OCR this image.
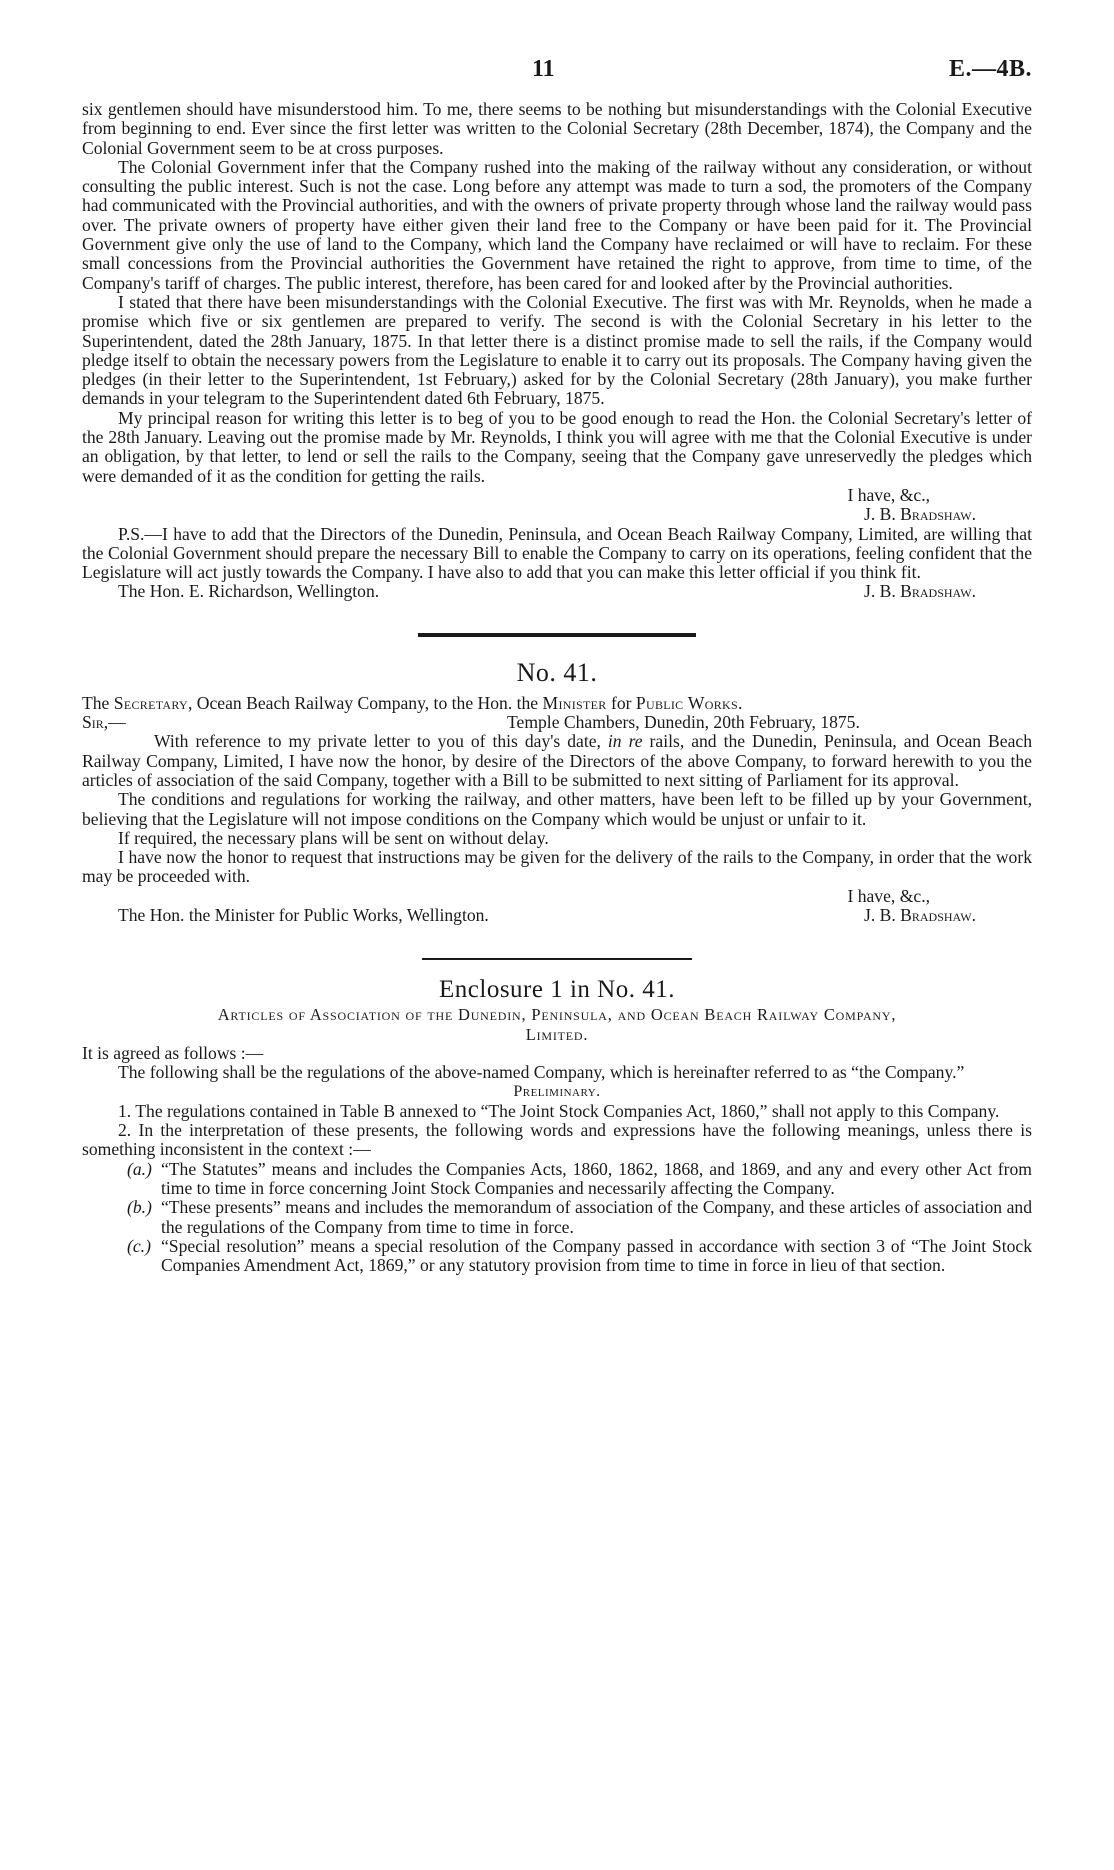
11	E.—4B.

six gentlemen should have misunderstood him. To me, there seems to be nothing but misunderstandings with the Colonial Executive from beginning to end. Ever since the first letter was written to the Colonial Secretary (28th December, 1874), the Company and the Colonial Government seem to be at cross purposes.

The Colonial Government infer that the Company rushed into the making of the railway without any consideration, or without consulting the public interest. Such is not the case. Long before any attempt was made to turn a sod, the promoters of the Company had communicated with the Provincial authorities, and with the owners of private property through whose land the railway would pass over. The private owners of property have either given their land free to the Company or have been paid for it. The Provincial Government give only the use of land to the Company, which land the Company have reclaimed or will have to reclaim. For these small concessions from the Provincial authorities the Government have retained the right to approve, from time to time, of the Company's tariff of charges. The public interest, therefore, has been cared for and looked after by the Provincial authorities.

I stated that there have been misunderstandings with the Colonial Executive. The first was with Mr. Reynolds, when he made a promise which five or six gentlemen are prepared to verify. The second is with the Colonial Secretary in his letter to the Superintendent, dated the 28th January, 1875. In that letter there is a distinct promise made to sell the rails, if the Company would pledge itself to obtain the necessary powers from the Legislature to enable it to carry out its proposals. The Company having given the pledges (in their letter to the Superintendent, 1st February,) asked for by the Colonial Secretary (28th January), you make further demands in your telegram to the Superintendent dated 6th February, 1875.

My principal reason for writing this letter is to beg of you to be good enough to read the Hon. the Colonial Secretary's letter of the 28th January. Leaving out the promise made by Mr. Reynolds, I think you will agree with me that the Colonial Executive is under an obligation, by that letter, to lend or sell the rails to the Company, seeing that the Company gave unreservedly the pledges which were demanded of it as the condition for getting the rails.

I have, &c.,

J. B. Bradshaw.

P.S.—I have to add that the Directors of the Dunedin, Peninsula, and Ocean Beach Railway Company, Limited, are willing that the Colonial Government should prepare the necessary Bill to enable the Company to carry on its operations, feeling confident that the Legislature will act justly towards the Company. I have also to add that you can make this letter official if you think fit.

The Hon. E. Richardson, Wellington.	J. B. Bradshaw.
No. 41.

The Secretary, Ocean Beach Railway Company, to the Hon. the Minister for Public Works.

Sir,—	Temple Chambers, Dunedin, 20th February, 1875.

With reference to my private letter to you of this day's date, in re rails, and the Dunedin, Peninsula, and Ocean Beach Railway Company, Limited, I have now the honor, by desire of the Directors of the above Company, to forward herewith to you the articles of association of the said Company, together with a Bill to be submitted to next sitting of Parliament for its approval.

The conditions and regulations for working the railway, and other matters, have been left to be filled up by your Government, believing that the Legislature will not impose conditions on the Company which would be unjust or unfair to it.

If required, the necessary plans will be sent on without delay.

I have now the honor to request that instructions may be given for the delivery of the rails to the Company, in order that the work may be proceeded with.

I have, &c.,

The Hon. the Minister for Public Works, Wellington.	J. B. Bradshaw.
Enclosure 1 in No. 41.
Articles of Association of the Dunedin, Peninsula, and Ocean Beach Railway Company,
Limited.

It is agreed as follows :—

The following shall be the regulations of the above-named Company, which is hereinafter referred to as “the Company.”

Preliminary.

1. The regulations contained in Table B annexed to “The Joint Stock Companies Act, 1860,” shall not apply to this Company.

2. In the interpretation of these presents, the following words and expressions have the following meanings, unless there is something inconsistent in the context :—

(a.) “The Statutes” means and includes the Companies Acts, 1860, 1862, 1868, and 1869, and any and every other Act from time to time in force concerning Joint Stock Companies and necessarily affecting the Company.
(b.) “These presents” means and includes the memorandum of association of the Company, and these articles of association and the regulations of the Company from time to time in force.
(c.) “Special resolution” means a special resolution of the Company passed in accordance with section 3 of “The Joint Stock Companies Amendment Act, 1869,” or any statutory provision from time to time in force in lieu of that section.
